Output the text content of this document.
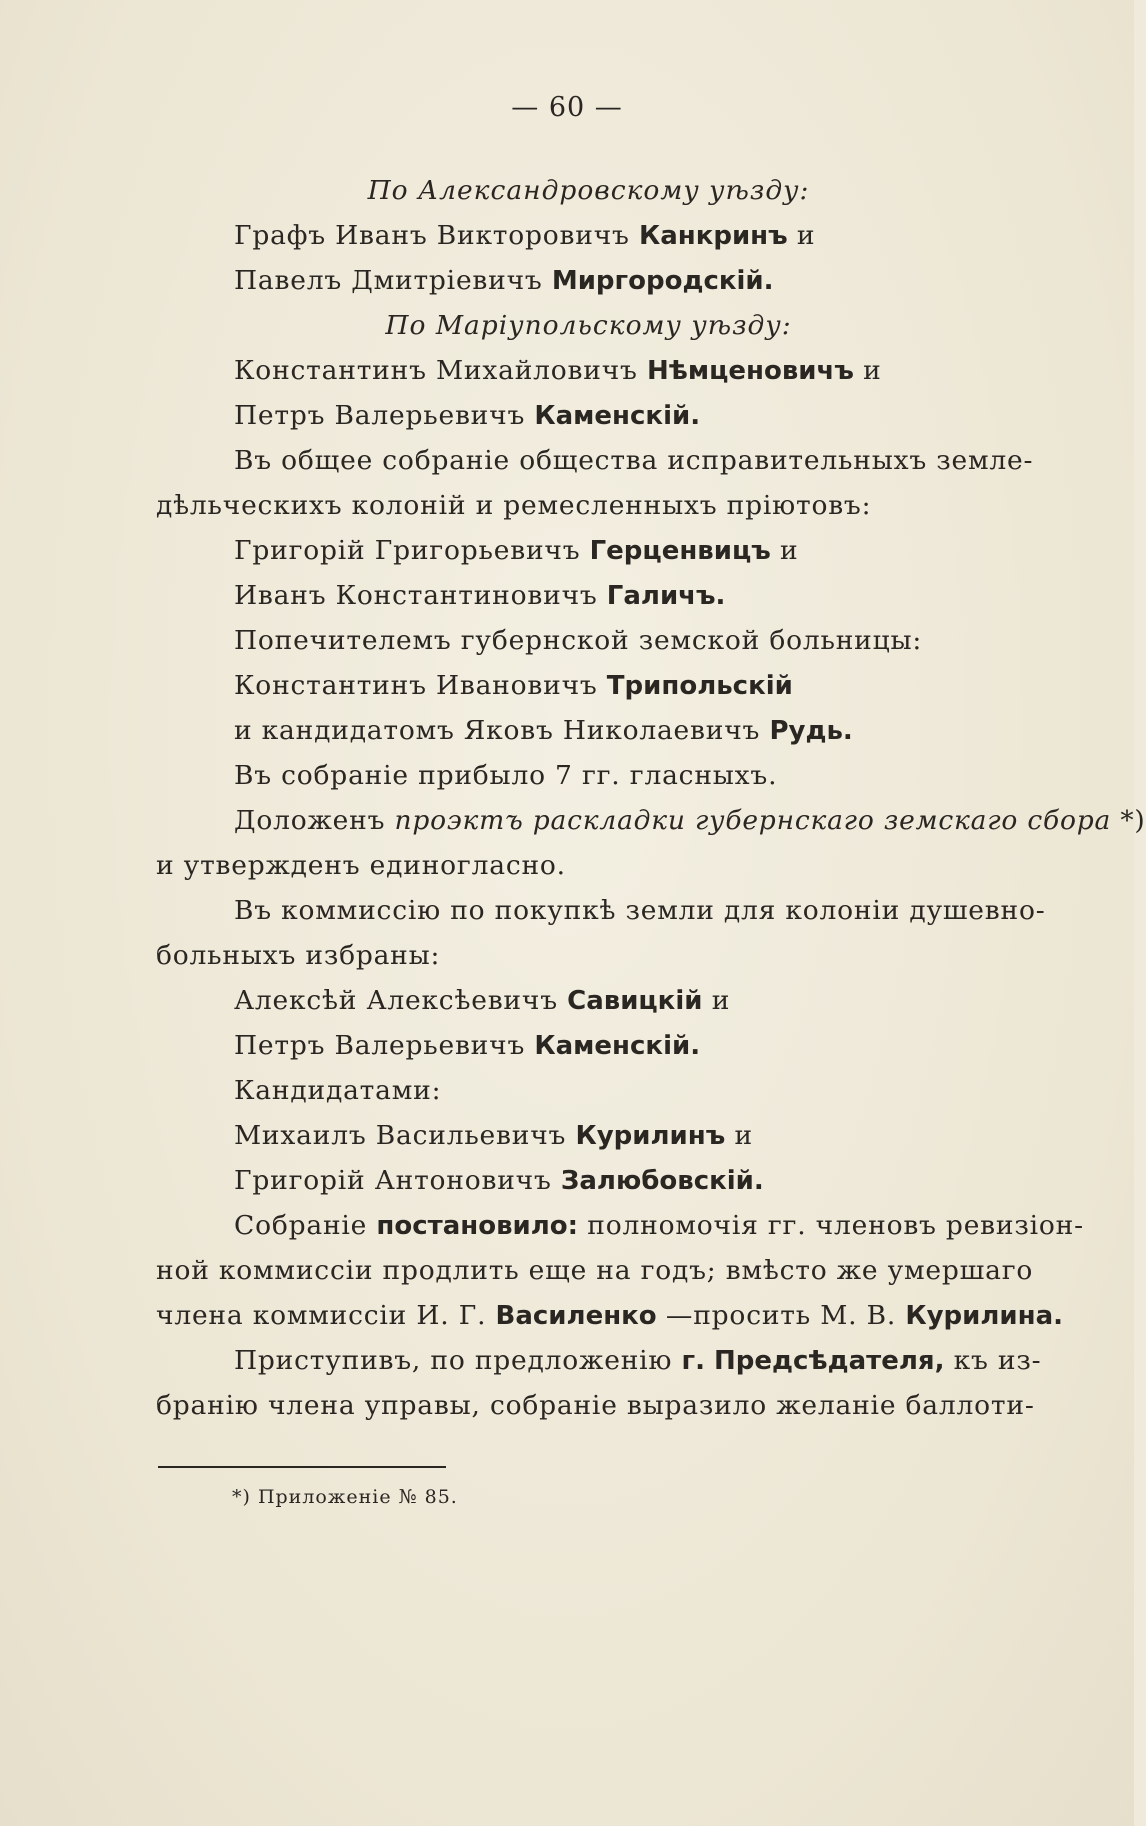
— 60 —
По Александровскому уѣзду:
Графъ Иванъ Викторовичъ Канкринъ и
Павелъ Дмитріевичъ Миргородскій.
По Маріупольскому уѣзду:
Константинъ Михайловичъ Нѣмценовичъ и
Петръ Валерьевичъ Каменскій.
Въ общее собраніе общества исправительныхъ земле-
дѣльческихъ колоній и ремесленныхъ пріютовъ:
Григорій Григорьевичъ Герценвицъ и
Иванъ Константиновичъ Галичъ.
Попечителемъ губернской земской больницы:
Константинъ Ивановичъ Трипольскій
и кандидатомъ Яковъ Николаевичъ Рудь.
Въ собраніе прибыло 7 гг. гласныхъ.
Доложенъ проэктъ раскладки губернскаго земскаго сбора *)
и утвержденъ единогласно.
Въ коммиссію по покупкѣ земли для колоніи душевно-
больныхъ избраны:
Алексѣй Алексѣевичъ Савицкій и
Петръ Валерьевичъ Каменскій.
Кандидатами:
Михаилъ Васильевичъ Курилинъ и
Григорій Антоновичъ Залюбовскій.
Собраніе постановило: полномочія гг. членовъ ревизіон-
ной коммиссіи продлить еще на годъ; вмѣсто же умершаго
члена коммиссіи И. Г. Василенко —просить М. В. Курилина.
Приступивъ, по предложенію г. Предсѣдателя, къ из-
бранію члена управы, собраніе выразило желаніе баллоти-
*) Приложеніе № 85.
